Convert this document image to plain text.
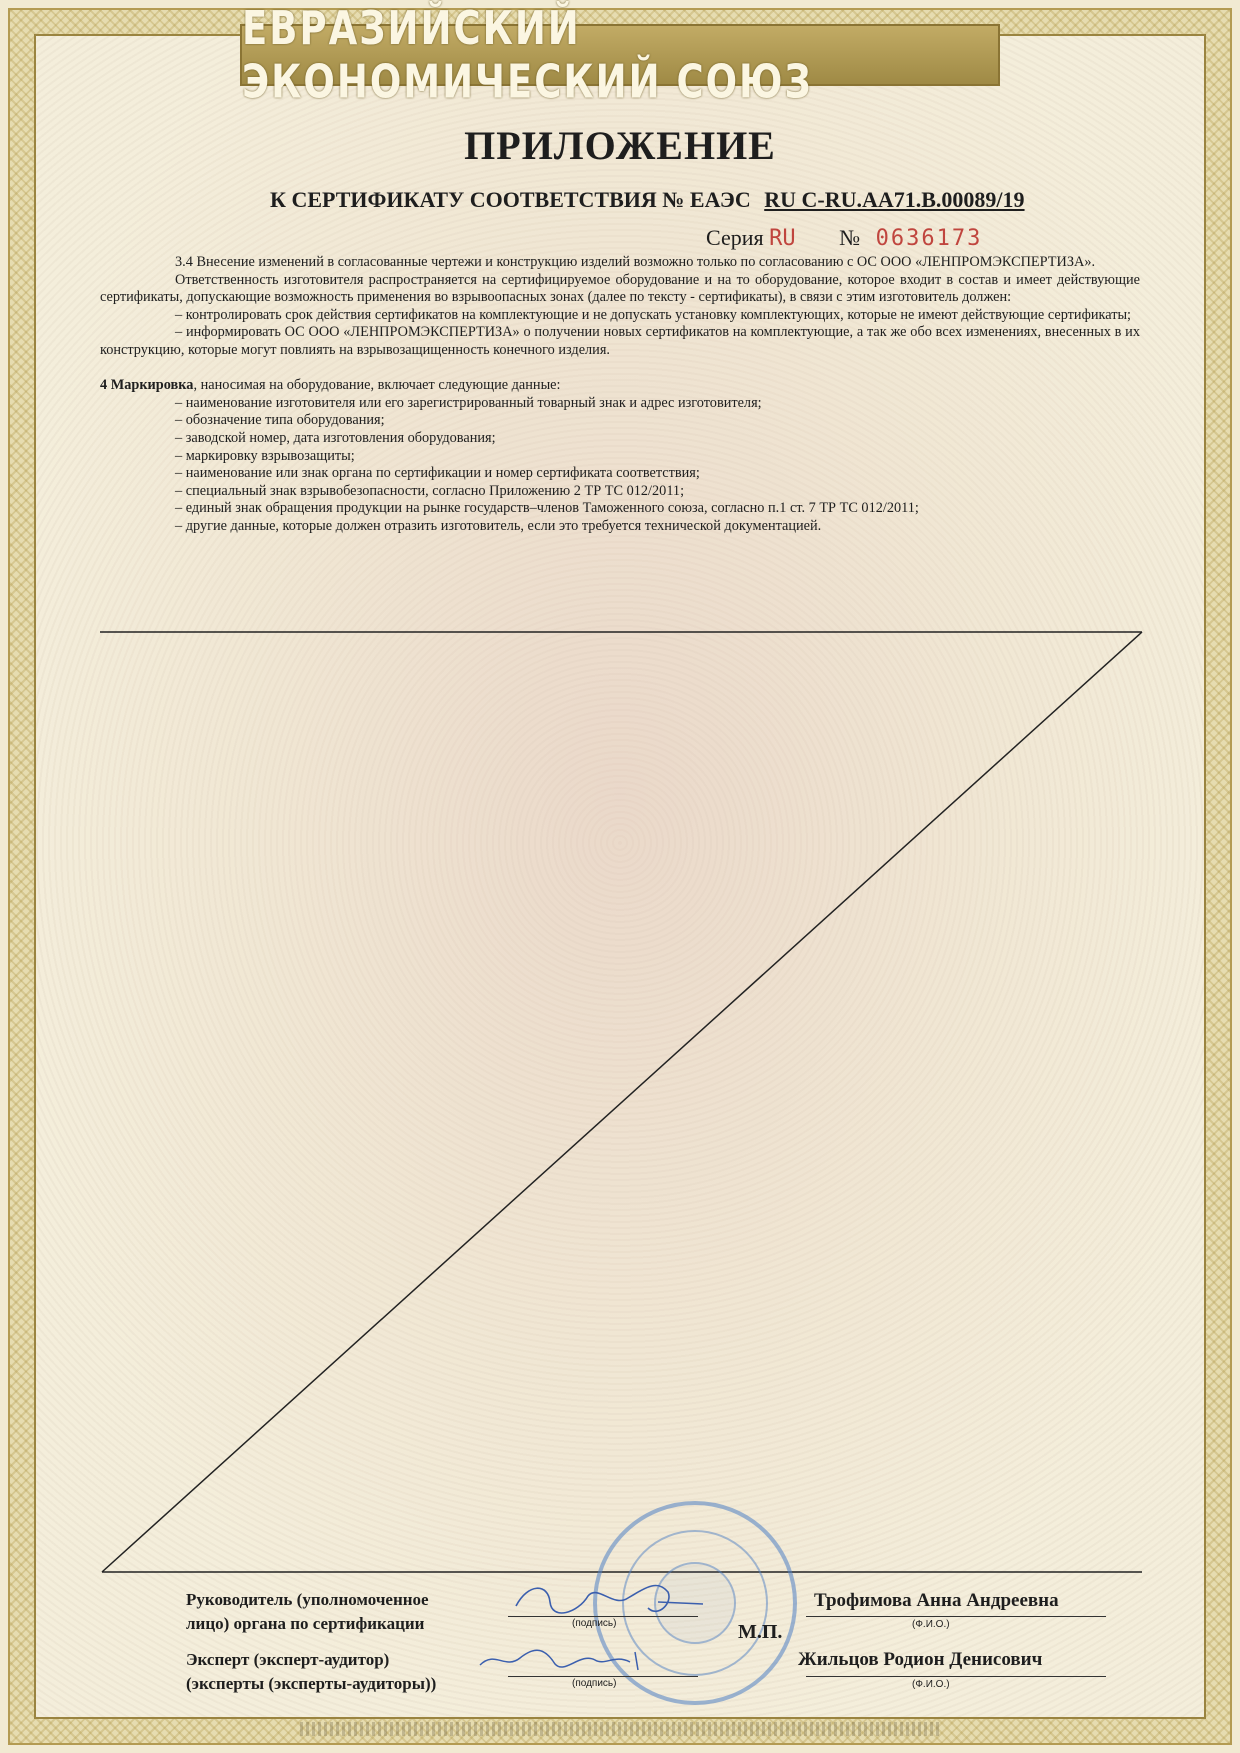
ЕВРАЗИЙСКИЙ ЭКОНОМИЧЕСКИЙ СОЮЗ
ПРИЛОЖЕНИЕ
К СЕРТИФИКАТУ СООТВЕТСТВИЯ № ЕАЭС RU С-RU.АА71.В.00089/19
Серия RU № 0636173

3.4 Внесение изменений в согласованные чертежи и конструкцию изделий возможно только по согласованию с ОС ООО «ЛЕНПРОМЭКСПЕРТИЗА».

Ответственность изготовителя распространяется на сертифицируемое оборудование и на то оборудование, которое входит в состав и имеет действующие сертификаты, допускающие возможность применения во взрывоопасных зонах (далее по тексту - сертификаты), в связи с этим изготовитель должен:

– контролировать срок действия сертификатов на комплектующие и не допускать установку комплектующих, которые не имеют действующие сертификаты;

– информировать ОС ООО «ЛЕНПРОМЭКСПЕРТИЗА» о получении новых сертификатов на комплектующие, а так же обо всех изменениях, внесенных в их конструкцию, которые могут повлиять на взрывозащищенность конечного изделия.

4 Маркировка, наносимая на оборудование, включает следующие данные:

– наименование изготовителя или его зарегистрированный товарный знак и адрес изготовителя;

– обозначение типа оборудования;

– заводской номер, дата изготовления оборудования;

– маркировку взрывозащиты;

– наименование или знак органа по сертификации и номер сертификата соответствия;

– специальный знак взрывобезопасности, согласно Приложению 2 ТР ТС 012/2011;

– единый знак обращения продукции на рынке государств–членов Таможенного союза, согласно п.1 ст. 7 ТР ТС 012/2011;

– другие данные, которые должен отразить изготовитель, если это требуется технической документацией.

Руководитель (уполномоченное
лицо) органа по сертификации
Эксперт (эксперт-аудитор)
(эксперты (эксперты-аудиторы))
(подпись)
(подпись)
М.П.
Трофимова Анна Андреевна
Жильцов Родион Денисович
(Ф.И.О.)
(Ф.И.О.)
